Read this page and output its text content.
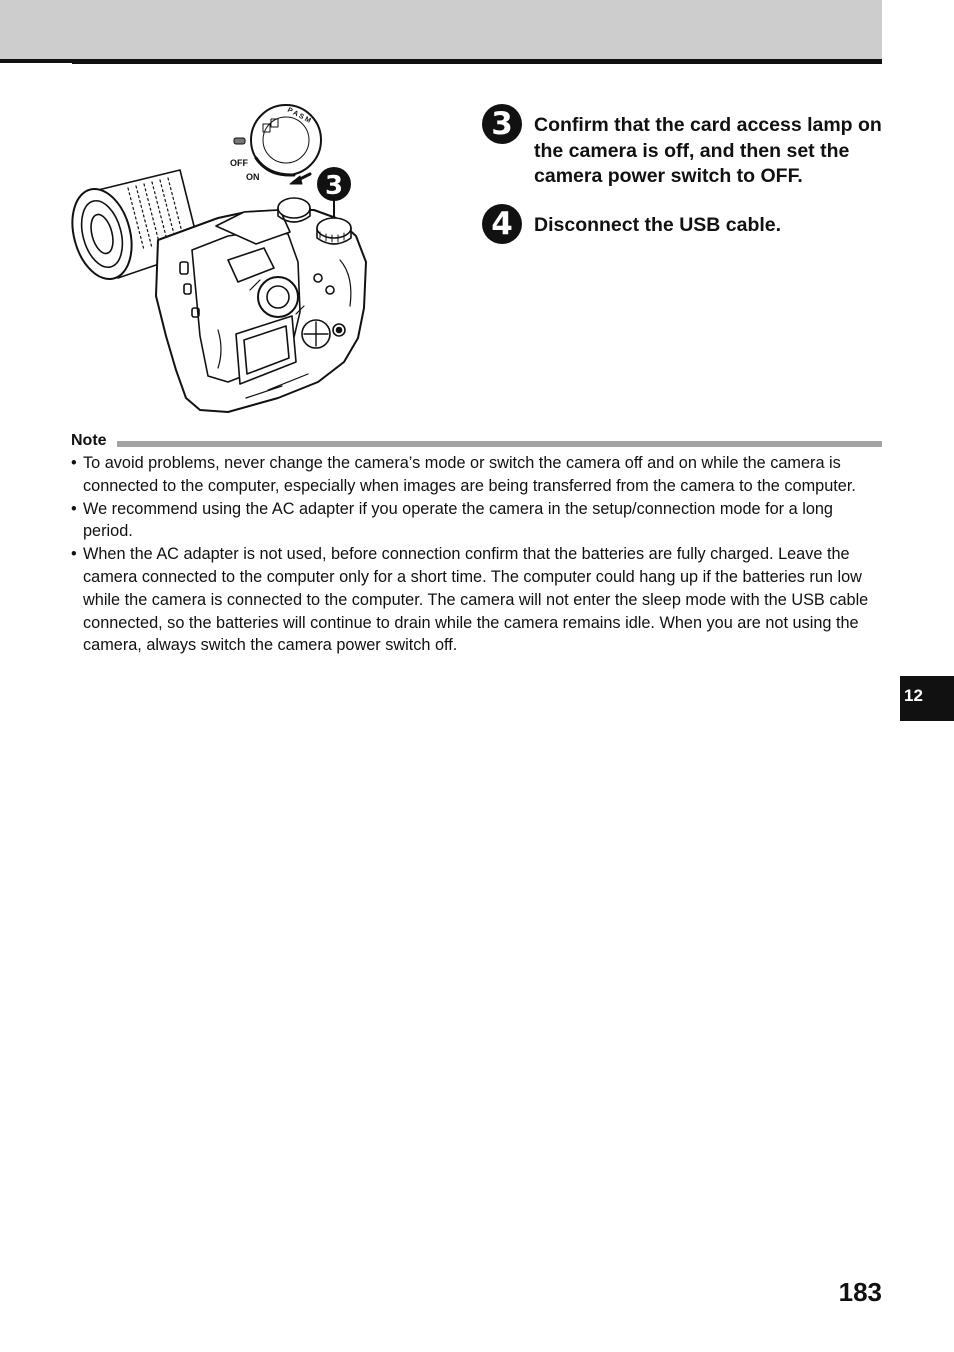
P A S M
OFF
ON	3
3	Confirm that the card access lamp on the camera is off, and then set the camera power switch to OFF.
4	Disconnect the USB cable.
Note
• To avoid problems, never change the camera’s mode or switch the camera off and on while the camera is connected to the computer, especially when images are being transferred from the camera to the computer.
• We recommend using the AC adapter if you operate the camera in the setup/connection mode for a long period.
• When the AC adapter is not used, before connection confirm that the batteries are fully charged. Leave the camera connected to the computer only for a short time. The computer could hang up if the batteries run low while the camera is connected to the computer. The camera will not enter the sleep mode with the USB cable connected, so the batteries will continue to drain while the camera remains idle. When you are not using the camera, always switch the camera power switch off.
12
183
